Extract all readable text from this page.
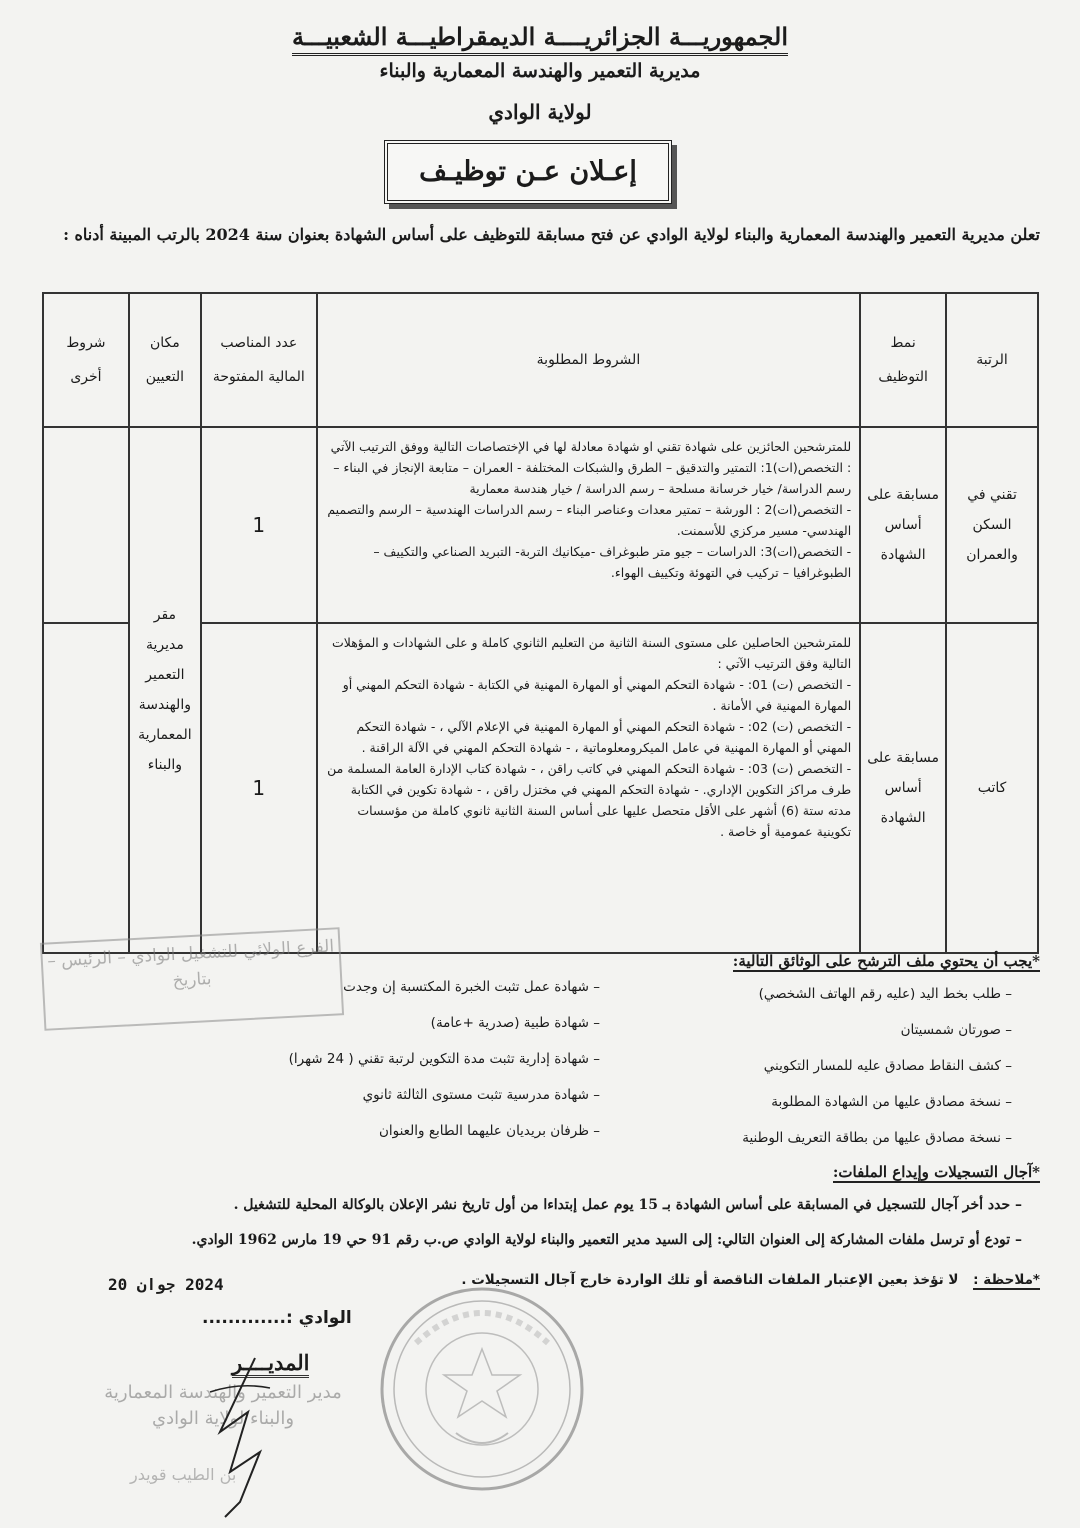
الجمهوريـــة الجزائريــــة الديمقراطيـــة الشعبيـــة
مديرية التعمير والهندسة المعمارية والبناء
لولاية الوادي
إعـلان عـن توظيـف
تعلن مديرية التعمير والهندسة المعمارية والبناء لولاية الوادي عن فتح مسابقة للتوظيف على أساس الشهادة بعنوان سنة 2024 بالرتب المبينة أدناه :
الرتبة	نمط التوظيف	الشروط المطلوبة	عدد المناصب المالية المفتوحة	مكان التعيين	شروط أخرى
تقني في السكن والعمران	مسابقة على أساس الشهادة	للمترشحين الحائزين على شهادة تقني او شهادة معادلة لها في الإختصاصات التالية ووفق الترتيب الآتي : التخصص(ات)1: التمتير والتدقيق – الطرق والشبكات المختلفة - العمران – متابعة الإنجاز في البناء – رسم الدراسة/ خيار خرسانة مسلحة – رسم الدراسة / خيار هندسة معمارية

- التخصص(ات)2 : الورشة – تمتير معدات وعناصر البناء – رسم الدراسات الهندسية – الرسم والتصميم الهندسي- مسير مركزي للأسمنت.

- التخصص(ات)3: الدراسات – جيو متر طبوغراف -ميكانيك التربة- التبريد الصناعي والتكييف – الطبوغرافيا – تركيب في التهوئة وتكييف الهواء.	1	مقر مديرية التعمير والهندسة المعمارية والبناء	
كاتب	مسابقة على أساس الشهادة	للمترشحين الحاصلين على مستوى السنة الثانية من التعليم الثانوي كاملة و على الشهادات و المؤهلات التالية وفق الترتيب الآتي :

- التخصص (ت) 01: - شهادة التحكم المهني أو المهارة المهنية في الكتابة - شهادة التحكم المهني أو المهارة المهنية في الأمانة .

- التخصص (ت) 02: - شهادة التحكم المهني أو المهارة المهنية في الإعلام الآلي ، - شهادة التحكم المهني أو المهارة المهنية في عامل الميكرومعلوماتية ، - شهادة التحكم المهني في الآلة الراقنة .

- التخصص (ت) 03: - شهادة التحكم المهني في كاتب راقن ، - شهادة كتاب الإدارة العامة المسلمة من طرف مراكز التكوين الإداري. - شهادة التحكم المهني في مختزل راقن ، - شهادة تكوين في الكتابة مدته ستة (6) أشهر على الأقل متحصل عليها على أساس السنة الثانية ثانوي كاملة من مؤسسات تكوينية عمومية أو خاصة .	1		
الفرع الولائي للتشغيل الوادي – الرئيس – بتاريخ
*يجب أن يحتوي ملف الترشح على الوثائق التالية:
– طلب بخط اليد (عليه رقم الهاتف الشخصي)
– صورتان شمسيتان
– كشف النقاط مصادق عليه للمسار التكويني
– نسخة مصادق عليها من الشهادة المطلوبة
– نسخة مصادق عليها من بطاقة التعريف الوطنية
– شهادة عمل تثبت الخبرة المكتسبة إن وجدت
– شهادة طبية (صدرية +عامة)
– شهادة إدارية تثبت مدة التكوين لرتبة تقني ( 24 شهرا)
– شهادة مدرسية تثبت مستوى الثالثة ثانوي
– ظرفان بريديان عليهما الطابع والعنوان
*آجال التسجيلات وإيداع الملفات:
– حدد أخر آجال للتسجيل في المسابقة على أساس الشهادة بـ 15 يوم عمل إبتداءا من أول تاريخ نشر الإعلان بالوكالة المحلية للتشغيل .
– تودع أو ترسل ملفات المشاركة إلى العنوان التالي: إلى السيد مدير التعمير والبناء لولاية الوادي ص.ب رقم 91 حي 19 مارس 1962 الوادي.
*ملاحظة : لا تؤخذ بعين الإعتبار الملفات الناقصة أو تلك الواردة خارج آجال التسجيلات .
2024 جوان 20
الوادي :.............
المديــــر
مدير التعمير والهندسة المعمارية والبناء لولاية الوادي
بن الطيب قويدر
